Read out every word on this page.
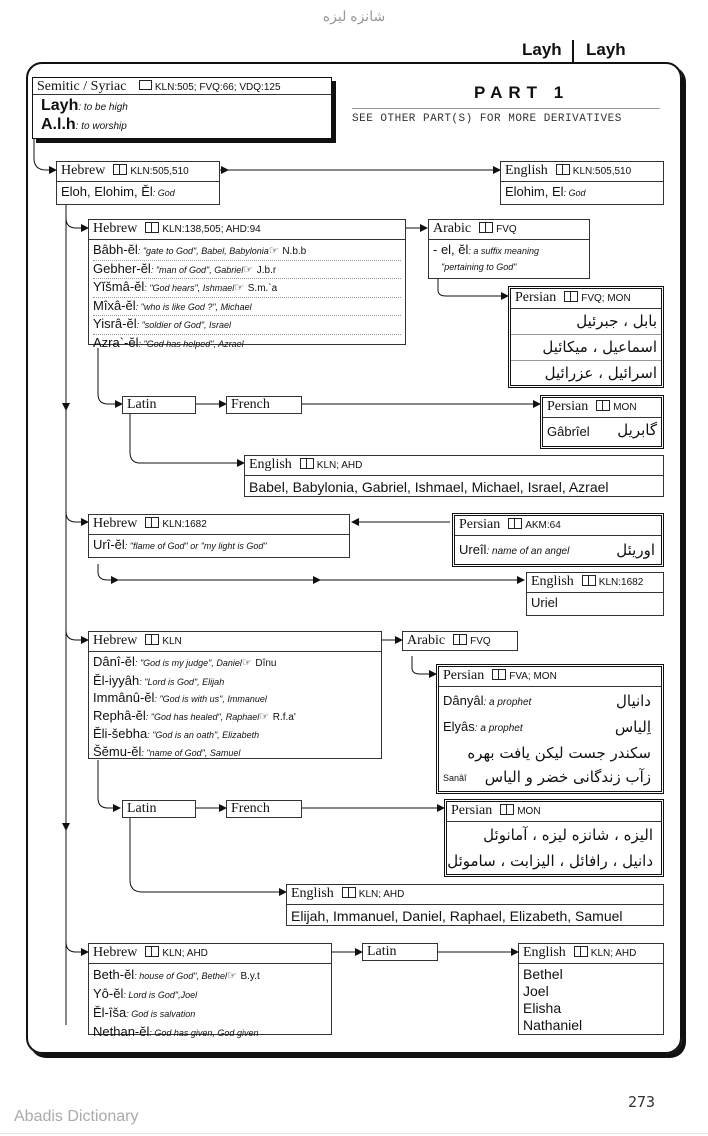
شانزه لیزه
Layh Layh
Semitic / Syriac	KLN:505; FVQ:66; VDQ:125
Layh: to be high
A.l.h: to worship
PART 1
SEE OTHER PART(S) FOR MORE DERIVATIVES
Hebrew	KLN:505,510
Eloh, Elohim, Ĕl: God
English	KLN:505,510
Elohim, El: God
Hebrew	KLN:138,505; AHD:94
Bâbh-ĕl: "gate to God", Babel, Babylonia☞ N.b.b
Gebher-ĕl: "man of God", Gabriel☞ J.b.r
Yĭšmâ-ĕl: "God hears", Ishmael☞ S.m.`a
Mîxâ-ĕl: "who is like God ?", Michael
Yisrâ-ĕl: "soldier of God", Israel
Azra`-ĕl: "God has helped", Azrael
Arabic	FVQ
- el, ĕl: a suffix meaning
"pertaining to God"
Persian	FVQ; MON
بابل ، جبرئیل
اسماعیل ، میکائیل
اسرائیل ، عزرائیل
Latin	French	Persian	MON
Gâbrîel گابریل
English	KLN; AHD
Babel, Babylonia, Gabriel, Ishmael, Michael, Israel, Azrael
Hebrew	KLN:1682
Urî-ĕl: "flame of God" or "my light is God"
Persian	AKM:64
Ureîl: name of an angel	اوریئل
English	KLN:1682
Uriel
Hebrew	KLN
Dânî-ĕl: "God is my judge", Daniel☞ Dînu
Ĕl-iyyâh: "Lord is God", Elijah
Immânû-ĕl: "God is with us", Immanuel
Rephâ-ĕl: "God has healed", Raphael☞ R.f.a'
Ĕli-šebha: "God is an oath", Elizabeth
Šĕmu-ĕl: "name of God", Samuel
Arabic	FVQ
Persian	FVA; MON
Dânyâl: a prophet	دانیال
Elyâs: a prophet	اِلیاس
سکندر جست لیکن یافت بهره
زآب زندگانی خضر و الیاس
Sanâî
Latin	French	Persian	MON
الیزه ، شانزه لیزه ، آمانوئل
دانیل ، رافائل ، الیزابت ، ساموئل
English	KLN; AHD
Elijah, Immanuel, Daniel, Raphael, Elizabeth, Samuel
Hebrew	KLN; AHD
Beth-ĕl: house of God", Bethel☞ B.y.t
Yô-ĕl: Lord is God",Joel
Ĕl-îša: God is salvation
Nethan-ĕl: God has given, God given
Latin	English	KLN; AHD
Bethel
Joel
Elisha
Nathaniel
273
Abadis Dictionary
